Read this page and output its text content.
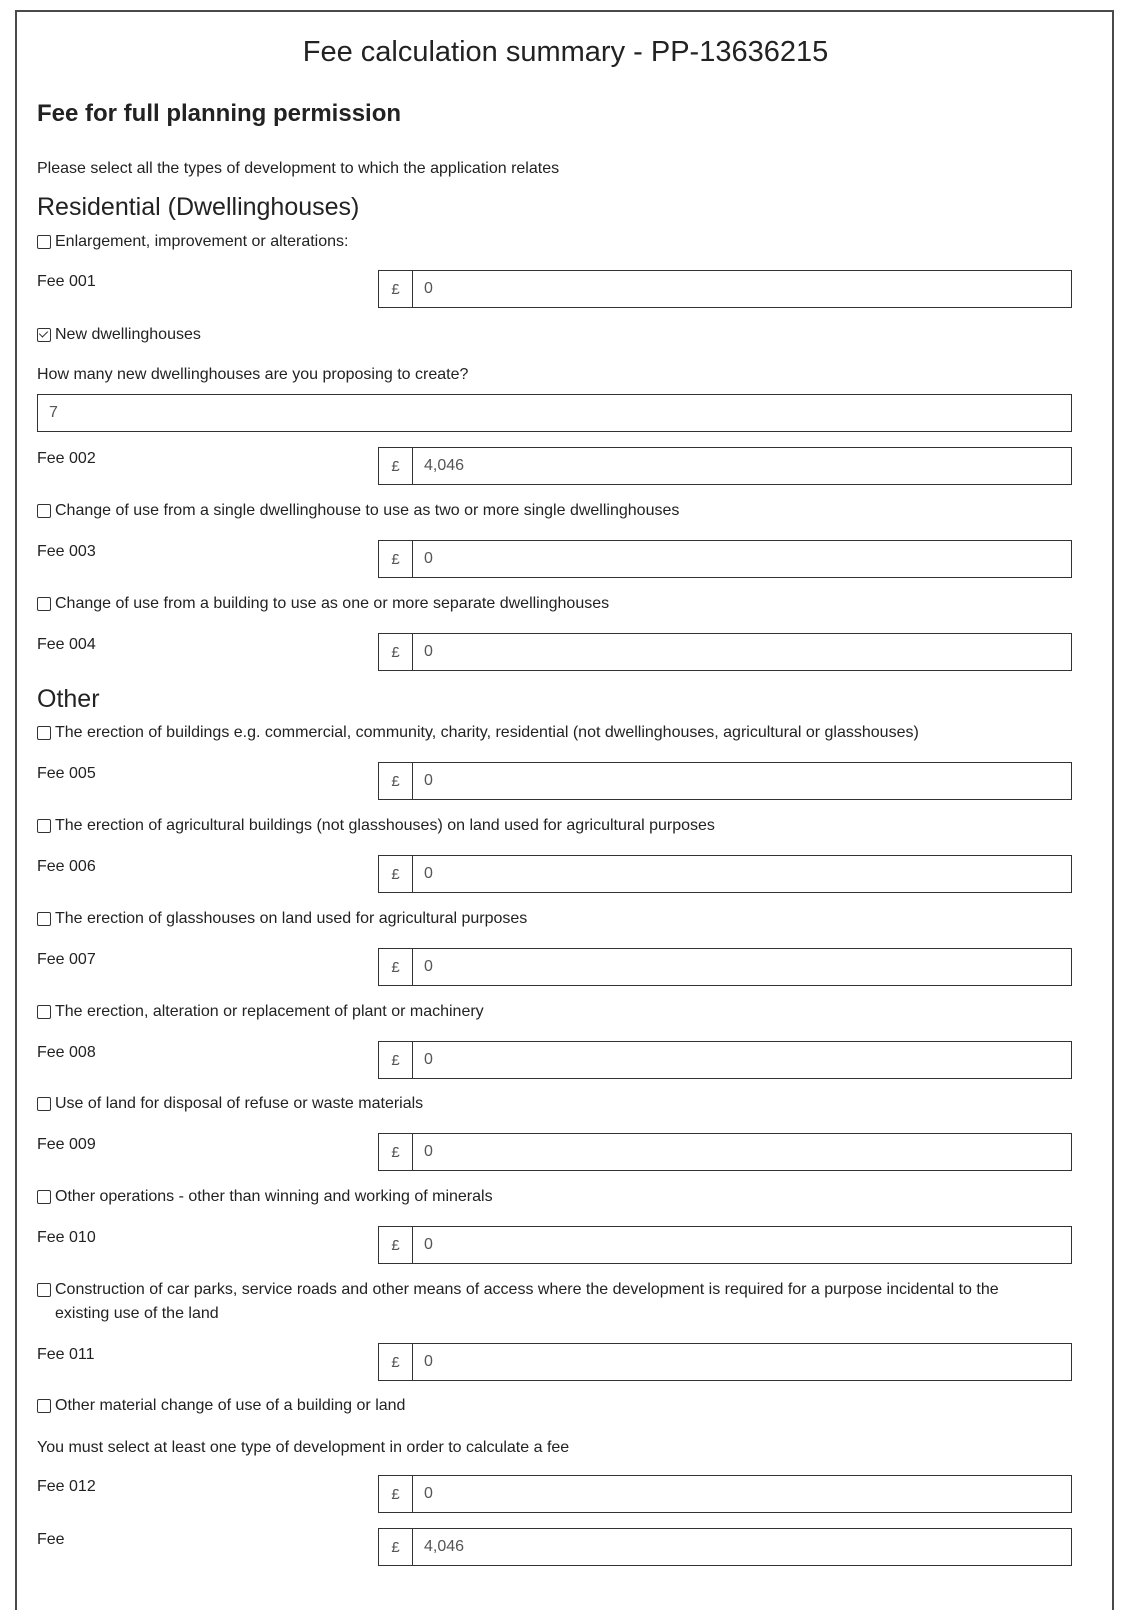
Fee calculation summary - PP-13636215
Fee for full planning permission
Please select all the types of development to which the application relates
Residential (Dwellinghouses)
Enlargement, improvement or alterations:
Fee 001	£	0
New dwellinghouses
How many new dwellinghouses are you proposing to create?
7
Fee 002	£	4,046
Change of use from a single dwellinghouse to use as two or more single dwellinghouses
Fee 003	£	0
Change of use from a building to use as one or more separate dwellinghouses
Fee 004	£	0
Other
The erection of buildings e.g. commercial, community, charity, residential (not dwellinghouses, agricultural or glasshouses)
Fee 005	£	0
The erection of agricultural buildings (not glasshouses) on land used for agricultural purposes
Fee 006	£	0
The erection of glasshouses on land used for agricultural purposes
Fee 007	£	0
The erection, alteration or replacement of plant or machinery
Fee 008	£	0
Use of land for disposal of refuse or waste materials
Fee 009	£	0
Other operations - other than winning and working of minerals
Fee 010	£	0
Construction of car parks, service roads and other means of access where the development is required for a purpose incidental to the existing use of the land
Fee 011	£	0
Other material change of use of a building or land
You must select at least one type of development in order to calculate a fee
Fee 012	£	0
Fee	£	4,046
